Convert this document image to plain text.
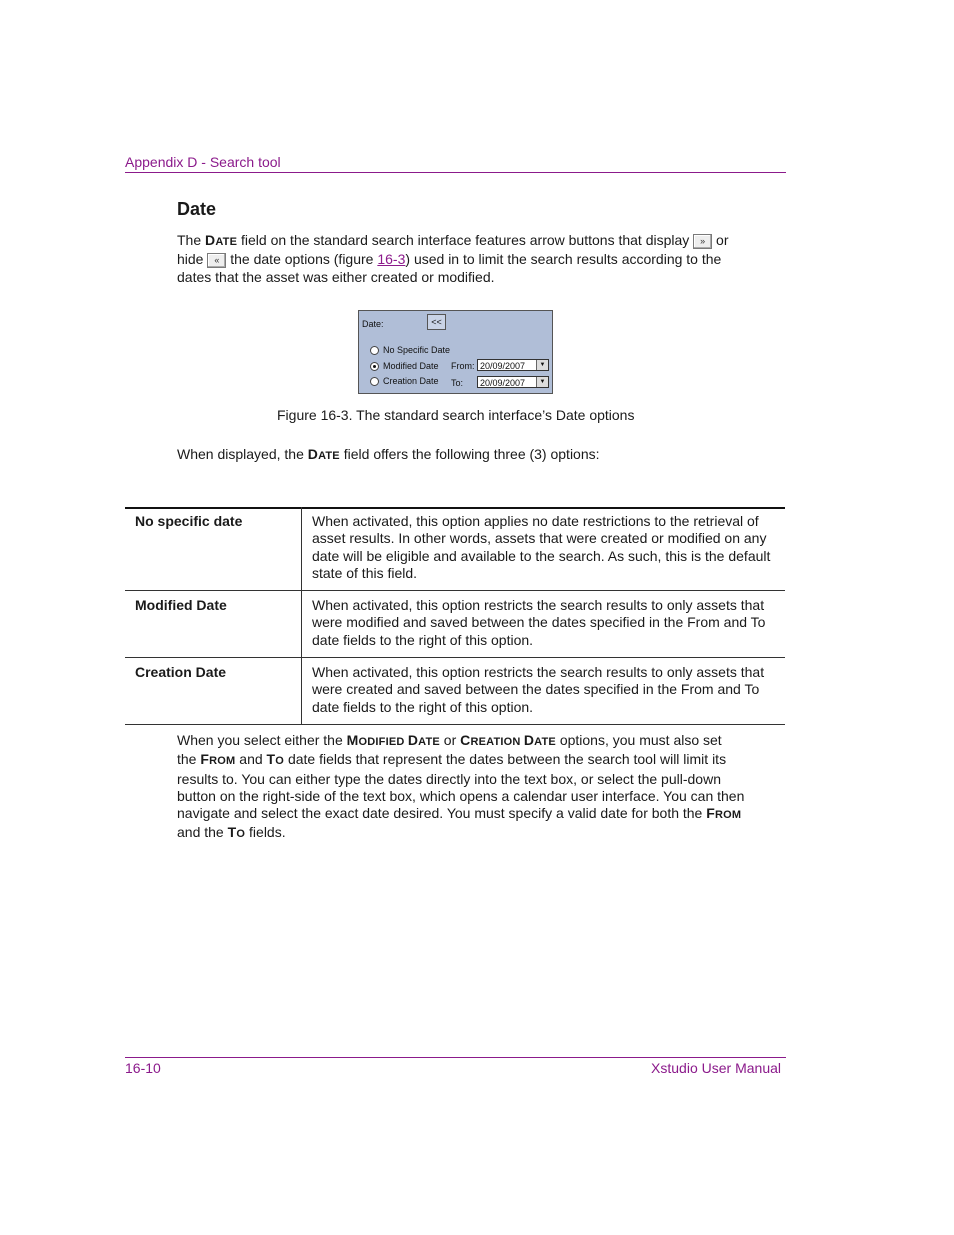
Appendix D - Search tool
Date
The DATE field on the standard search interface features arrow buttons that display » or
hide « the date options (figure 16-3) used in to limit the search results according to the
dates that the asset was either created or modified.
Date:	<<
No Specific Date
Modified Date
Creation Date
From: 20/09/2007	▼
To:	20/09/2007	▼
Figure 16-3. The standard search interface’s Date options
When displayed, the DATE field offers the following three (3) options:
No specific date	When activated, this option applies no date restrictions to the retrieval of asset results. In other words, assets that were created or modified on any date will be eligible and available to the search. As such, this is the default state of this field.
Modified Date	When activated, this option restricts the search results to only assets that were modified and saved between the dates specified in the From and To date fields to the right of this option.
Creation Date	When activated, this option restricts the search results to only assets that were created and saved between the dates specified in the From and To date fields to the right of this option.
When you select either the MODIFIED DATE or CREATION DATE options, you must also set
the FROM and TO date fields that represent the dates between the search tool will limit its
results to. You can either type the dates directly into the text box, or select the pull-down
button on the right-side of the text box, which opens a calendar user interface. You can then
navigate and select the exact date desired. You must specify a valid date for both the FROM
and the TO fields.
16-10	Xstudio User Manual
